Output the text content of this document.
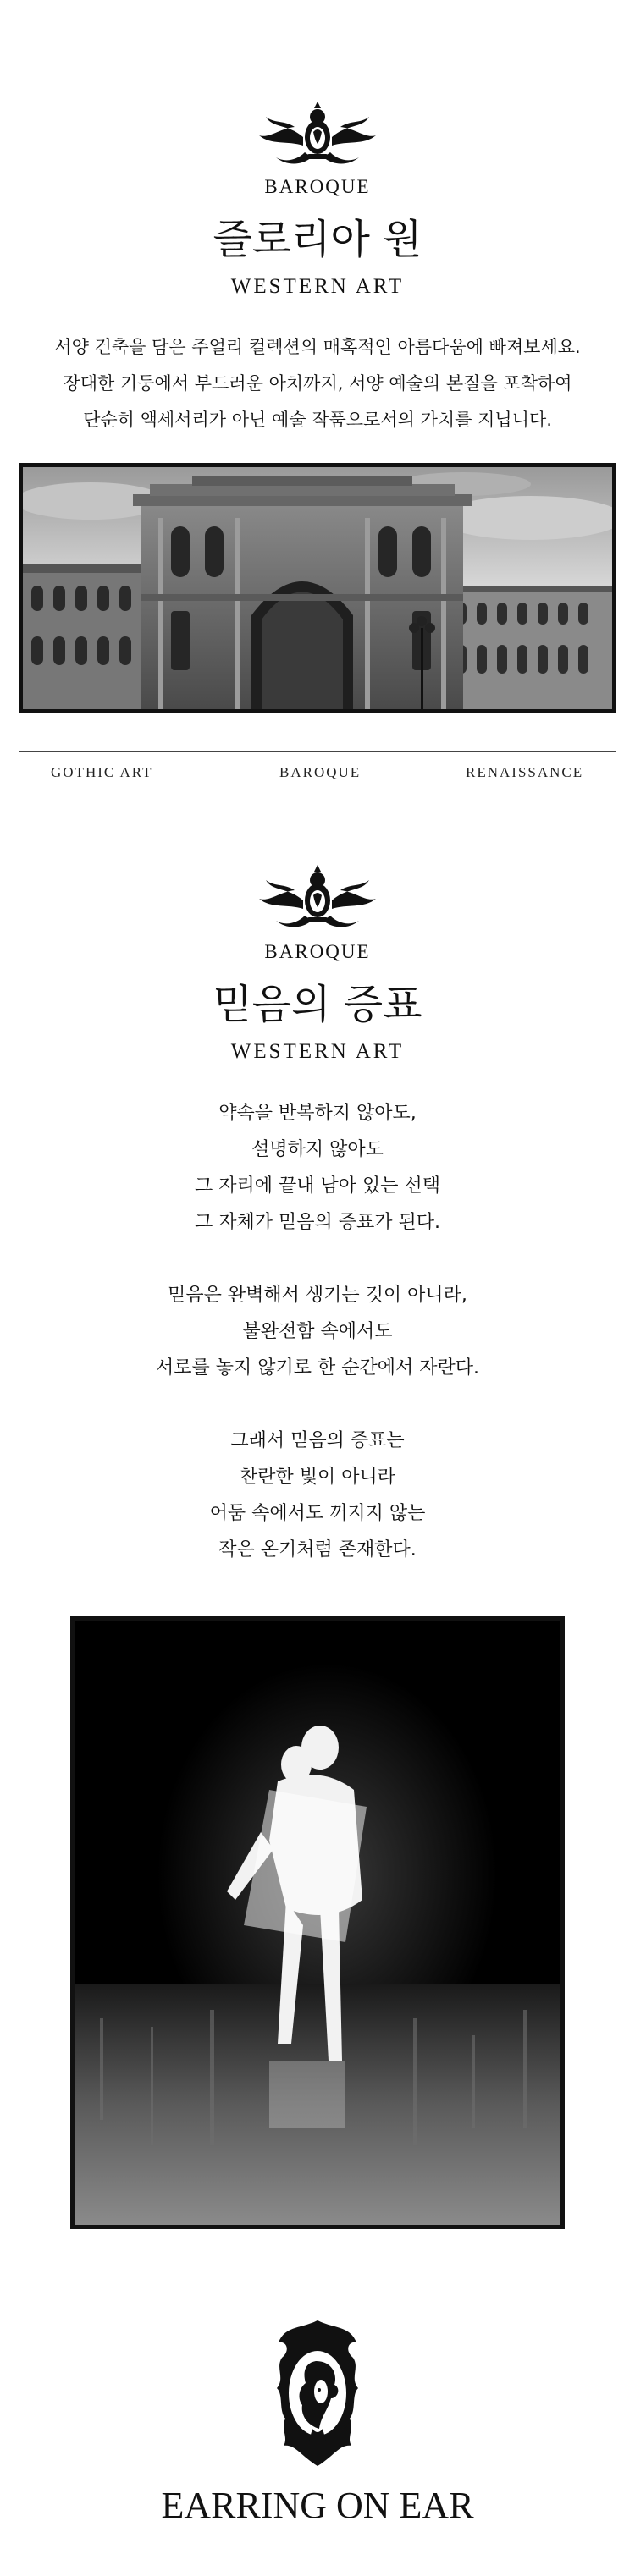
BAROQUE
즐로리아 원
WESTERN ART
서양 건축을 담은 주얼리 컬렉션의 매혹적인 아름다움에 빠져보세요.
장대한 기둥에서 부드러운 아치까지, 서양 예술의 본질을 포착하여
단순히 액세서리가 아닌 예술 작품으로서의 가치를 지닙니다.
GOTHIC ART	BAROQUE	RENAISSANCE
BAROQUE
믿음의 증표
WESTERN ART
약속을 반복하지 않아도,
설명하지 않아도
그 자리에 끝내 남아 있는 선택
그 자체가 믿음의 증표가 된다.
믿음은 완벽해서 생기는 것이 아니라,
불완전함 속에서도
서로를 놓지 않기로 한 순간에서 자란다.
그래서 믿음의 증표는
찬란한 빛이 아니라
어둠 속에서도 꺼지지 않는
작은 온기처럼 존재한다.
EARRING ON EAR
